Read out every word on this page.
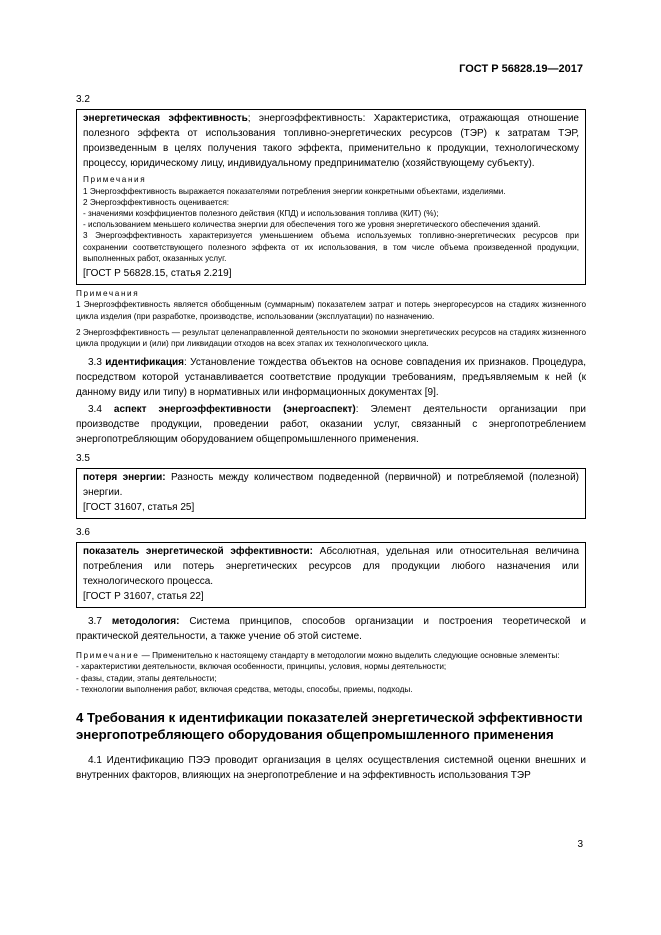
ГОСТ Р 56828.19—2017
3.2

энергетическая эффективность; энергоэффективность: Характеристика, отражающая отношение полезного эффекта от использования топливно-энергетических ресурсов (ТЭР) к затратам ТЭР, произведенным в целях получения такого эффекта, применительно к продукции, технологическому процессу, юридическому лицу, индивидуальному предпринимателю (хозяйствующему субъекту).

Примечания

1 Энергоэффективность выражается показателями потребления энергии конкретными объектами, изделиями.

2 Энергоэффективность оценивается:

- значениями коэффициентов полезного действия (КПД) и использования топлива (КИТ) (%);

- использованием меньшего количества энергии для обеспечения того же уровня энергетического обеспечения зданий.

3 Энергоэффективность характеризуется уменьшением объема используемых топливно-энергетических ресурсов при сохранении соответствующего полезного эффекта от их использования, в том числе объема произведенной продукции, выполненных работ, оказанных услуг.

[ГОСТ Р 56828.15, статья 2.219]

Примечания

1 Энергоэффективность является обобщенным (суммарным) показателем затрат и потерь энергоресурсов на стадиях жизненного цикла изделия (при разработке, производстве, использовании (эксплуатации) по назначению.

2 Энергоэффективность — результат целенаправленной деятельности по экономии энергетических ресурсов на стадиях жизненного цикла продукции и (или) при ликвидации отходов на всех этапах их технологического цикла.

3.3 идентификация: Установление тождества объектов на основе совпадения их признаков. Процедура, посредством которой устанавливается соответствие продукции требованиям, предъявляемым к ней (к данному виду или типу) в нормативных или информационных документах [9].

3.4 аспект энергоэффективности (энергоаспект): Элемент деятельности организации при производстве продукции, проведении работ, оказании услуг, связанный с энергопотреблением энергопотребляющим оборудованием общепромышленного применения.

3.5

потеря энергии: Разность между количеством подведенной (первичной) и потребляемой (полезной) энергии.

[ГОСТ 31607, статья 25]

3.6

показатель энергетической эффективности: Абсолютная, удельная или относительная величина потребления или потерь энергетических ресурсов для продукции любого назначения или технологического процесса.

[ГОСТ Р 31607, статья 22]

3.7 методология: Система принципов, способов организации и построения теоретической и практической деятельности, а также учение об этой системе.

Примечание — Применительно к настоящему стандарту в методологии можно выделить следующие основные элементы:

- характеристики деятельности, включая особенности, принципы, условия, нормы деятельности;

- фазы, стадии, этапы деятельности;

- технологии выполнения работ, включая средства, методы, способы, приемы, подходы.

4 Требования к идентификации показателей энергетической эффективности энергопотребляющего оборудования общепромышленного применения

4.1 Идентификацию ПЭЭ проводит организация в целях осуществления системной оценки внешних и внутренних факторов, влияющих на энергопотребление и на эффективность использования ТЭР

3
